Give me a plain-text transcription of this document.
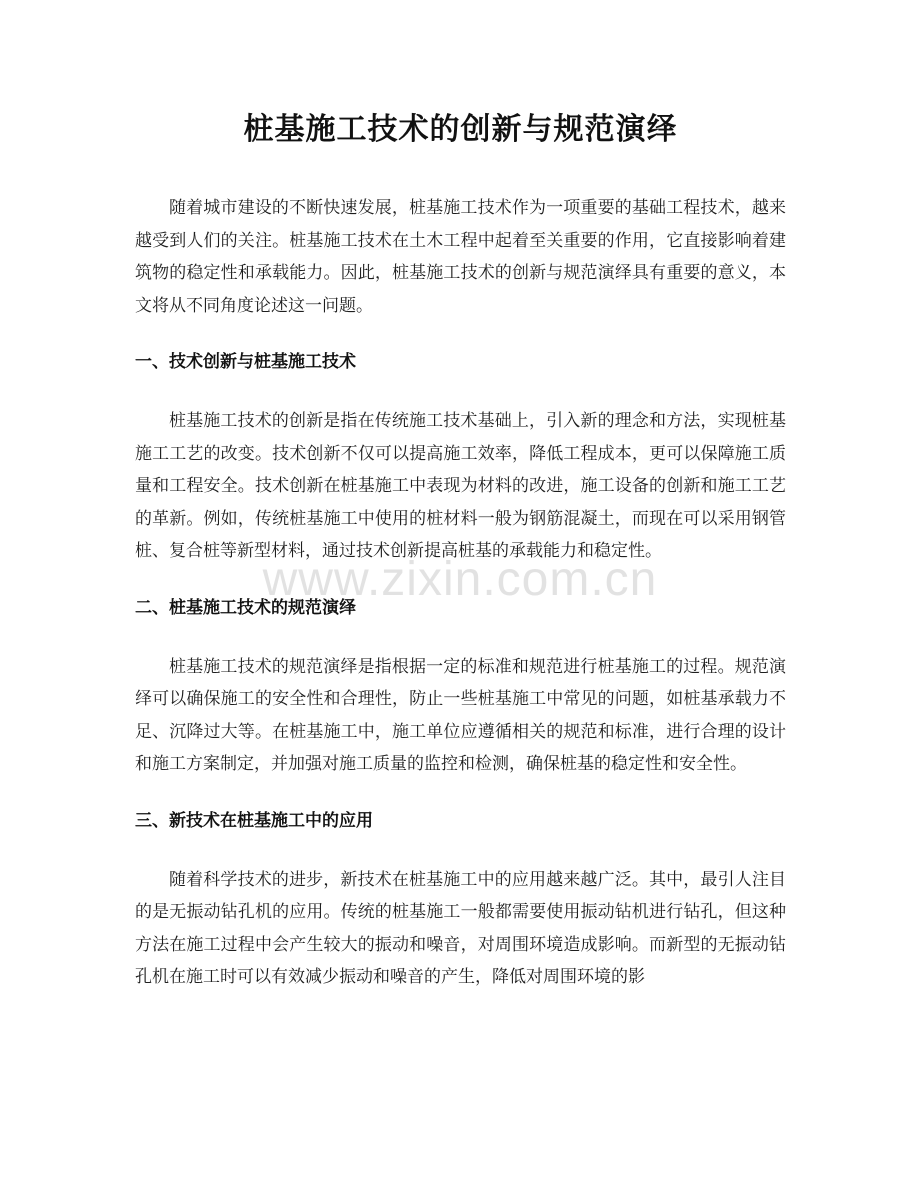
桩基施工技术的创新与规范演绎

随着城市建设的不断快速发展，桩基施工技术作为一项重要的基础工程技术，越来越受到人们的关注。桩基施工技术在土木工程中起着至关重要的作用，它直接影响着建筑物的稳定性和承载能力。因此，桩基施工技术的创新与规范演绎具有重要的意义，本文将从不同角度论述这一问题。

一、技术创新与桩基施工技术

桩基施工技术的创新是指在传统施工技术基础上，引入新的理念和方法，实现桩基施工工艺的改变。技术创新不仅可以提高施工效率，降低工程成本，更可以保障施工质量和工程安全。技术创新在桩基施工中表现为材料的改进，施工设备的创新和施工工艺的革新。例如，传统桩基施工中使用的桩材料一般为钢筋混凝土，而现在可以采用钢管桩、复合桩等新型材料，通过技术创新提高桩基的承载能力和稳定性。

二、桩基施工技术的规范演绎

桩基施工技术的规范演绎是指根据一定的标准和规范进行桩基施工的过程。规范演绎可以确保施工的安全性和合理性，防止一些桩基施工中常见的问题，如桩基承载力不足、沉降过大等。在桩基施工中，施工单位应遵循相关的规范和标准，进行合理的设计和施工方案制定，并加强对施工质量的监控和检测，确保桩基的稳定性和安全性。

三、新技术在桩基施工中的应用

随着科学技术的进步，新技术在桩基施工中的应用越来越广泛。其中，最引人注目的是无振动钻孔机的应用。传统的桩基施工一般都需要使用振动钻机进行钻孔，但这种方法在施工过程中会产生较大的振动和噪音，对周围环境造成影响。而新型的无振动钻孔机在施工时可以有效减少振动和噪音的产生，降低对周围环境的影

www.zixin.com.cn
